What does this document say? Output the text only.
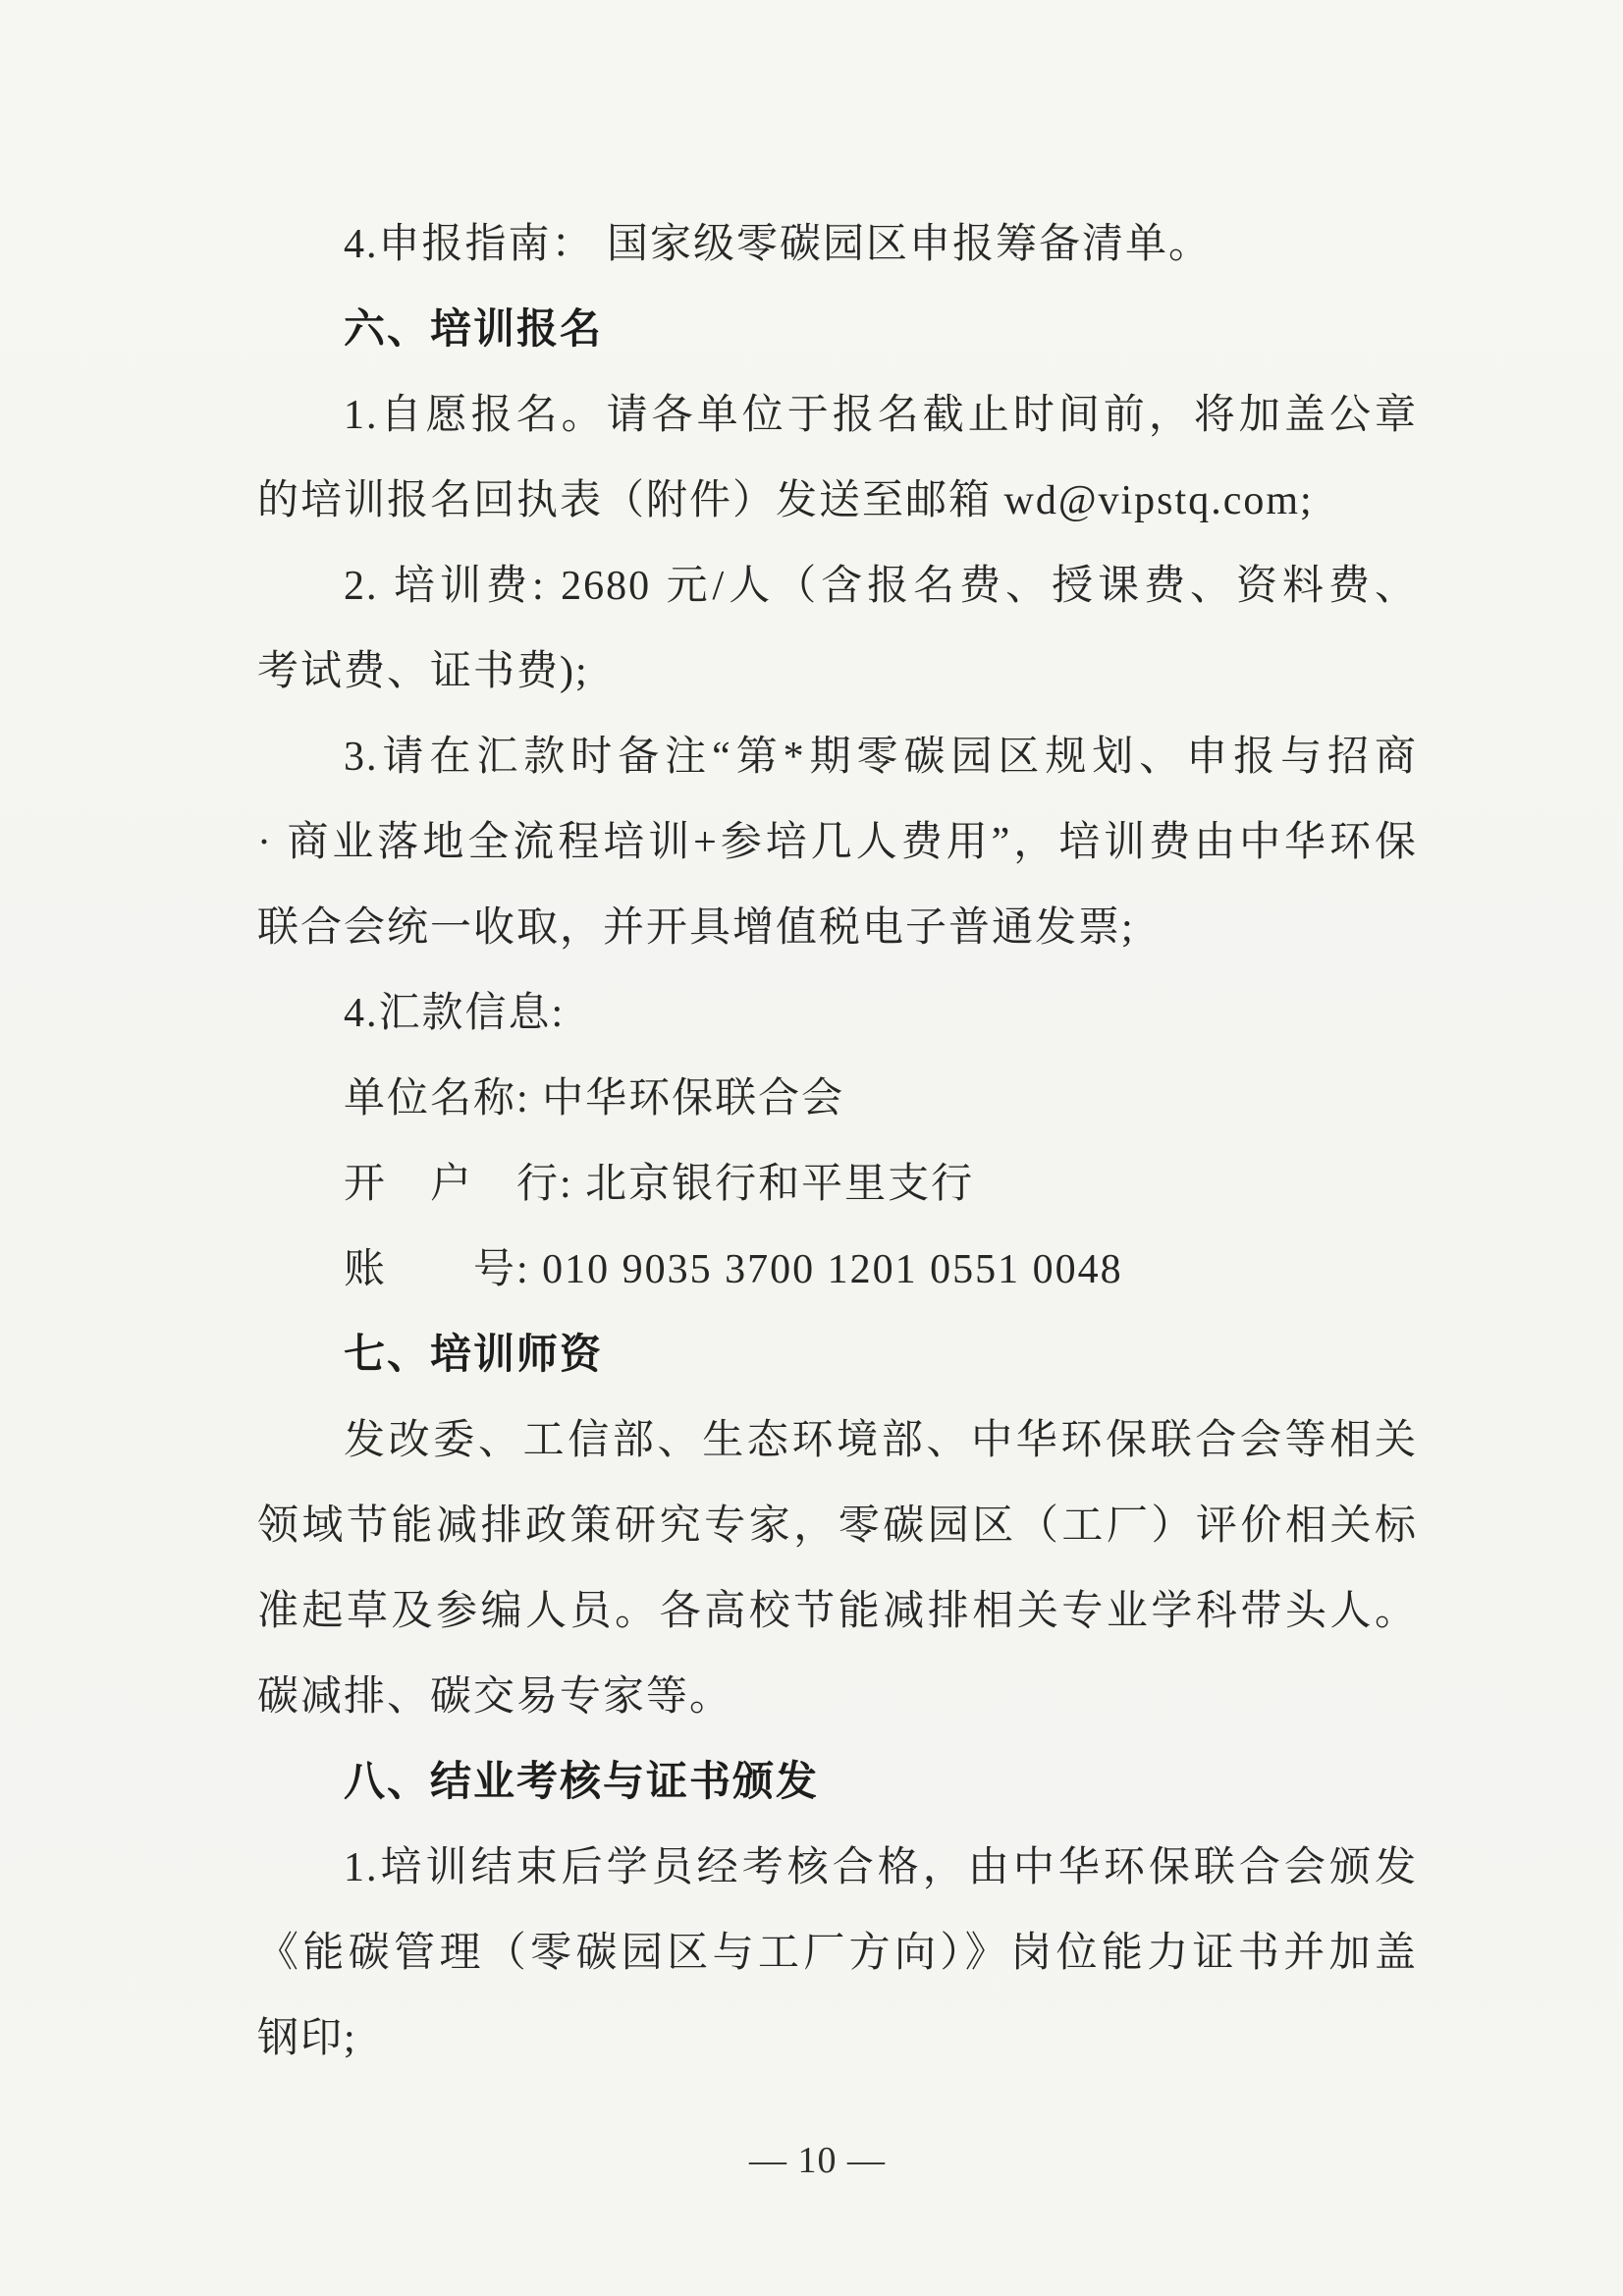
4.申报指南： 国家级零碳园区申报筹备清单。

六、培训报名

1.自愿报名。请各单位于报名截止时间前，将加盖公章

的培训报名回执表（附件）发送至邮箱 wd@vipstq.com;

2. 培训费: 2680 元/人（含报名费、授课费、资料费、

考试费、证书费);

3.请在汇款时备注“第*期零碳园区规划、申报与招商

· 商业落地全流程培训+参培几人费用”，培训费由中华环保

联合会统一收取，并开具增值税电子普通发票;

4.汇款信息:

单位名称: 中华环保联合会

开　户　行: 北京银行和平里支行

账　　号: 010 9035 3700 1201 0551 0048

七、培训师资

发改委、工信部、生态环境部、中华环保联合会等相关

领域节能减排政策研究专家，零碳园区（工厂）评价相关标

准起草及参编人员。各高校节能减排相关专业学科带头人。

碳减排、碳交易专家等。

八、结业考核与证书颁发

1.培训结束后学员经考核合格，由中华环保联合会颁发

《能碳管理（零碳园区与工厂方向）》岗位能力证书并加盖

钢印;

— 10 —
